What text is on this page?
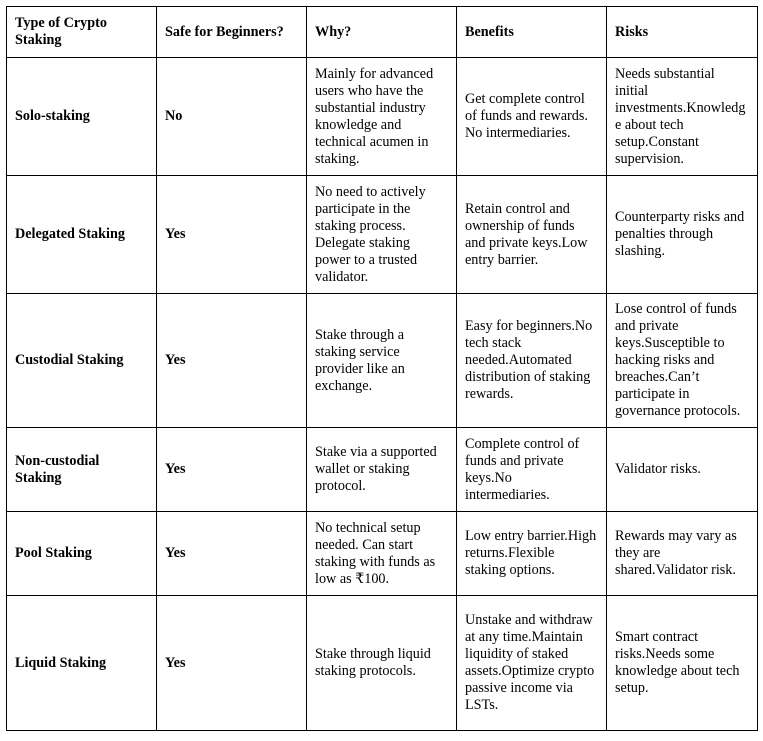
Type of Crypto Staking	Safe for Beginners?	Why?	Benefits	Risks
Solo-staking	No	Mainly for advanced users who have the substantial industry knowledge and technical acumen in staking.	Get complete control of funds and rewards. No intermediaries.	Needs substantial initial investments.Knowledge about tech setup.Constant supervision.
Delegated Staking	Yes	No need to actively participate in the staking process. Delegate staking power to a trusted validator.	Retain control and ownership of funds and private keys.Low entry barrier.	Counterparty risks and penalties through slashing.
Custodial Staking	Yes	Stake through a staking service provider like an exchange.	Easy for beginners.No tech stack needed.Automated distribution of staking rewards.	Lose control of funds and private keys.Susceptible to hacking risks and breaches.Can’t participate in governance protocols.
Non-custodial Staking	Yes	Stake via a supported wallet or staking protocol.	Complete control of funds and private keys.No intermediaries.	Validator risks.
Pool Staking	Yes	No technical setup needed. Can start staking with funds as low as ₹100.	Low entry barrier.High returns.Flexible staking options.	Rewards may vary as they are shared.Validator risk.
Liquid Staking	Yes	Stake through liquid staking protocols.	Unstake and withdraw at any time.Maintain liquidity of staked assets.Optimize crypto passive income via LSTs.	Smart contract risks.Needs some knowledge about tech setup.
